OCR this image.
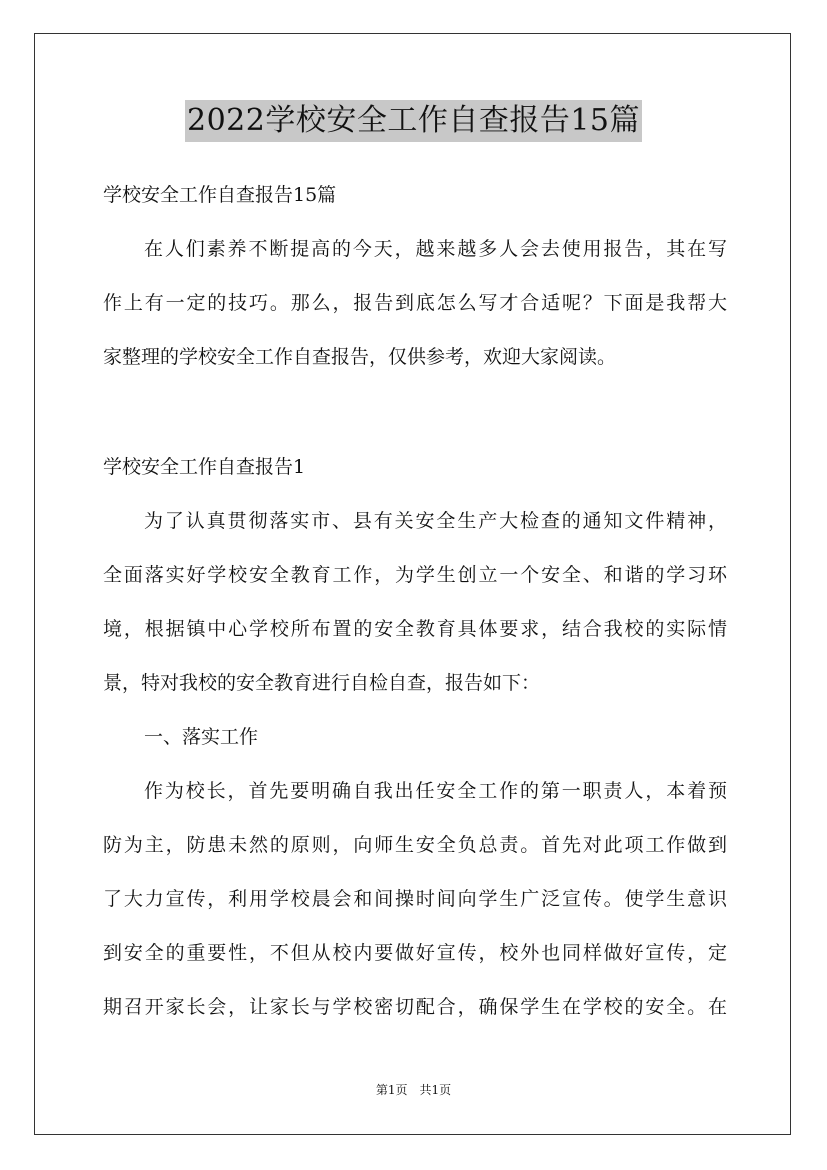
2022学校安全工作自查报告15篇
学校安全工作自查报告15篇
在人们素养不断提高的今天，越来越多人会去使用报告，其在写
作上有一定的技巧。那么，报告到底怎么写才合适呢？下面是我帮大
家整理的学校安全工作自查报告，仅供参考，欢迎大家阅读。
学校安全工作自查报告1
为了认真贯彻落实市、县有关安全生产大检查的通知文件精神，
全面落实好学校安全教育工作，为学生创立一个安全、和谐的学习环
境，根据镇中心学校所布置的安全教育具体要求，结合我校的实际情
景，特对我校的安全教育进行自检自查，报告如下：
一、落实工作
作为校长，首先要明确自我出任安全工作的第一职责人，本着预
防为主，防患未然的原则，向师生安全负总责。首先对此项工作做到
了大力宣传，利用学校晨会和间操时间向学生广泛宣传。使学生意识
到安全的重要性，不但从校内要做好宣传，校外也同样做好宣传，定
期召开家长会，让家长与学校密切配合，确保学生在学校的安全。在
第1页 共1页
